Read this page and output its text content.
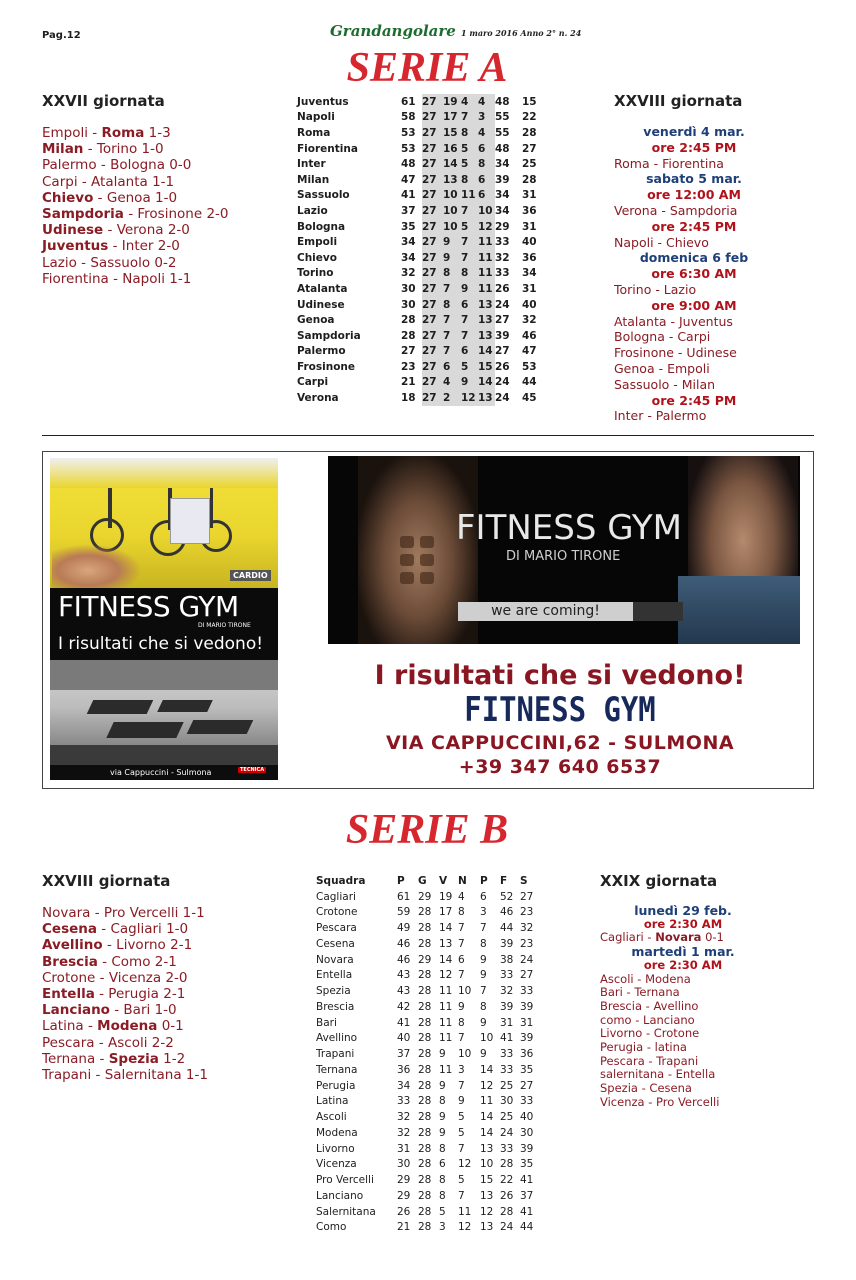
Pag.12	Grandangolare 1 maro 2016 Anno 2° n. 24
SERIE A
XXVII giornata
Empoli - Roma 1-3
Milan - Torino 1-0
Palermo - Bologna 0-0
Carpi - Atalanta 1-1
Chievo - Genoa 1-0
Sampdoria - Frosinone 2-0
Udinese - Verona 2-0
Juventus - Inter 2-0
Lazio - Sassuolo 0-2
Fiorentina - Napoli 1-1
Juventus	61	27	19	4	4	48	15
Napoli	58	27	17	7	3	55	22
Roma	53	27	15	8	4	55	28
Fiorentina	53	27	16	5	6	48	27
Inter	48	27	14	5	8	34	25
Milan	47	27	13	8	6	39	28
Sassuolo	41	27	10	11	6	34	31
Lazio	37	27	10	7	10	34	36
Bologna	35	27	10	5	12	29	31
Empoli	34	27	9	7	11	33	40
Chievo	34	27	9	7	11	32	36
Torino	32	27	8	8	11	33	34
Atalanta	30	27	7	9	11	26	31
Udinese	30	27	8	6	13	24	40
Genoa	28	27	7	7	13	27	32
Sampdoria	28	27	7	7	13	39	46
Palermo	27	27	7	6	14	27	47
Frosinone	23	27	6	5	15	26	53
Carpi	21	27	4	9	14	24	44
Verona	18	27	2	12	13	24	45
XXVIII giornata
venerdì 4 mar.
ore 2:45 PM
Roma - Fiorentina
sabato 5 mar.
ore 12:00 AM
Verona - Sampdoria
ore 2:45 PM
Napoli - Chievo
domenica 6 feb
ore 6:30 AM
Torino - Lazio
ore 9:00 AM
Atalanta - Juventus
Bologna - Carpi
Frosinone - Udinese
Genoa - Empoli
Sassuolo - Milan
ore 2:45 PM
Inter - Palermo
CARDIO
FITNESS GYM
DI MARIO TIRONE
I risultati che si vedono!
via Cappuccini - Sulmona	TECNICA
FITNESS GYM
DI MARIO TIRONE
we are coming!
I risultati che si vedono!
FITNESS GYM
VIA CAPPUCCINI,62 - SULMONA
+39 347 640 6537
SERIE B
XXVIII giornata
Novara - Pro Vercelli 1-1
Cesena - Cagliari 1-0
Avellino - Livorno 2-1
Brescia - Como 2-1
Crotone - Vicenza 2-0
Entella - Perugia 2-1
Lanciano - Bari 1-0
Latina - Modena 0-1
Pescara - Ascoli 2-2
Ternana - Spezia 1-2
Trapani - Salernitana 1-1
Squadra	P	G	V	N	P	F	S
Cagliari	61	29	19	4	6	52	27
Crotone	59	28	17	8	3	46	23
Pescara	49	28	14	7	7	44	32
Cesena	46	28	13	7	8	39	23
Novara	46	29	14	6	9	38	24
Entella	43	28	12	7	9	33	27
Spezia	43	28	11	10	7	32	33
Brescia	42	28	11	9	8	39	39
Bari	41	28	11	8	9	31	31
Avellino	40	28	11	7	10	41	39
Trapani	37	28	9	10	9	33	36
Ternana	36	28	11	3	14	33	35
Perugia	34	28	9	7	12	25	27
Latina	33	28	8	9	11	30	33
Ascoli	32	28	9	5	14	25	40
Modena	32	28	9	5	14	24	30
Livorno	31	28	8	7	13	33	39
Vicenza	30	28	6	12	10	28	35
Pro Vercelli	29	28	8	5	15	22	41
Lanciano	29	28	8	7	13	26	37
Salernitana	26	28	5	11	12	28	41
Como	21	28	3	12	13	24	44
XXIX giornata
lunedì 29 feb.
ore 2:30 AM
Cagliari - Novara 0-1
martedì 1 mar.
ore 2:30 AM
Ascoli - Modena
Bari - Ternana
Brescia - Avellino
como - Lanciano
Livorno - Crotone
Perugia - latina
Pescara - Trapani
salernitana - Entella
Spezia - Cesena
Vicenza - Pro Vercelli
